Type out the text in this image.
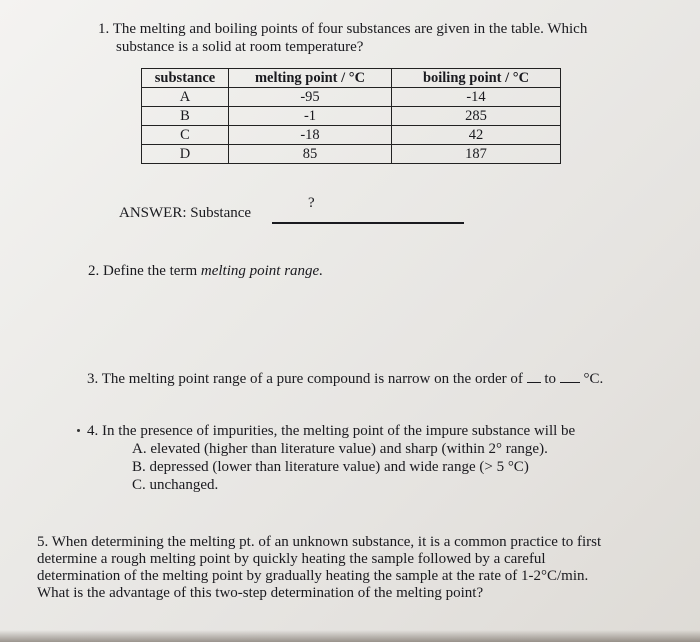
1. The melting and boiling points of four substances are given in the table. Which
substance is a solid at room temperature?
substance	melting point / °C	boiling point / °C
A	-95	-14
B	-1	285
C	-18	42
D	85	187
ANSWER: Substance
?
2. Define the term melting point range.
3. The melting point range of a pure compound is narrow on the order of to °C.
4. In the presence of impurities, the melting point of the impure substance will be
A. elevated (higher than literature value) and sharp (within 2° range).
B. depressed (lower than literature value) and wide range (> 5 °C)
C. unchanged.
5. When determining the melting pt. of an unknown substance, it is a common practice to first
determine a rough melting point by quickly heating the sample followed by a careful
determination of the melting point by gradually heating the sample at the rate of 1-2°C/min.
What is the advantage of this two-step determination of the melting point?
